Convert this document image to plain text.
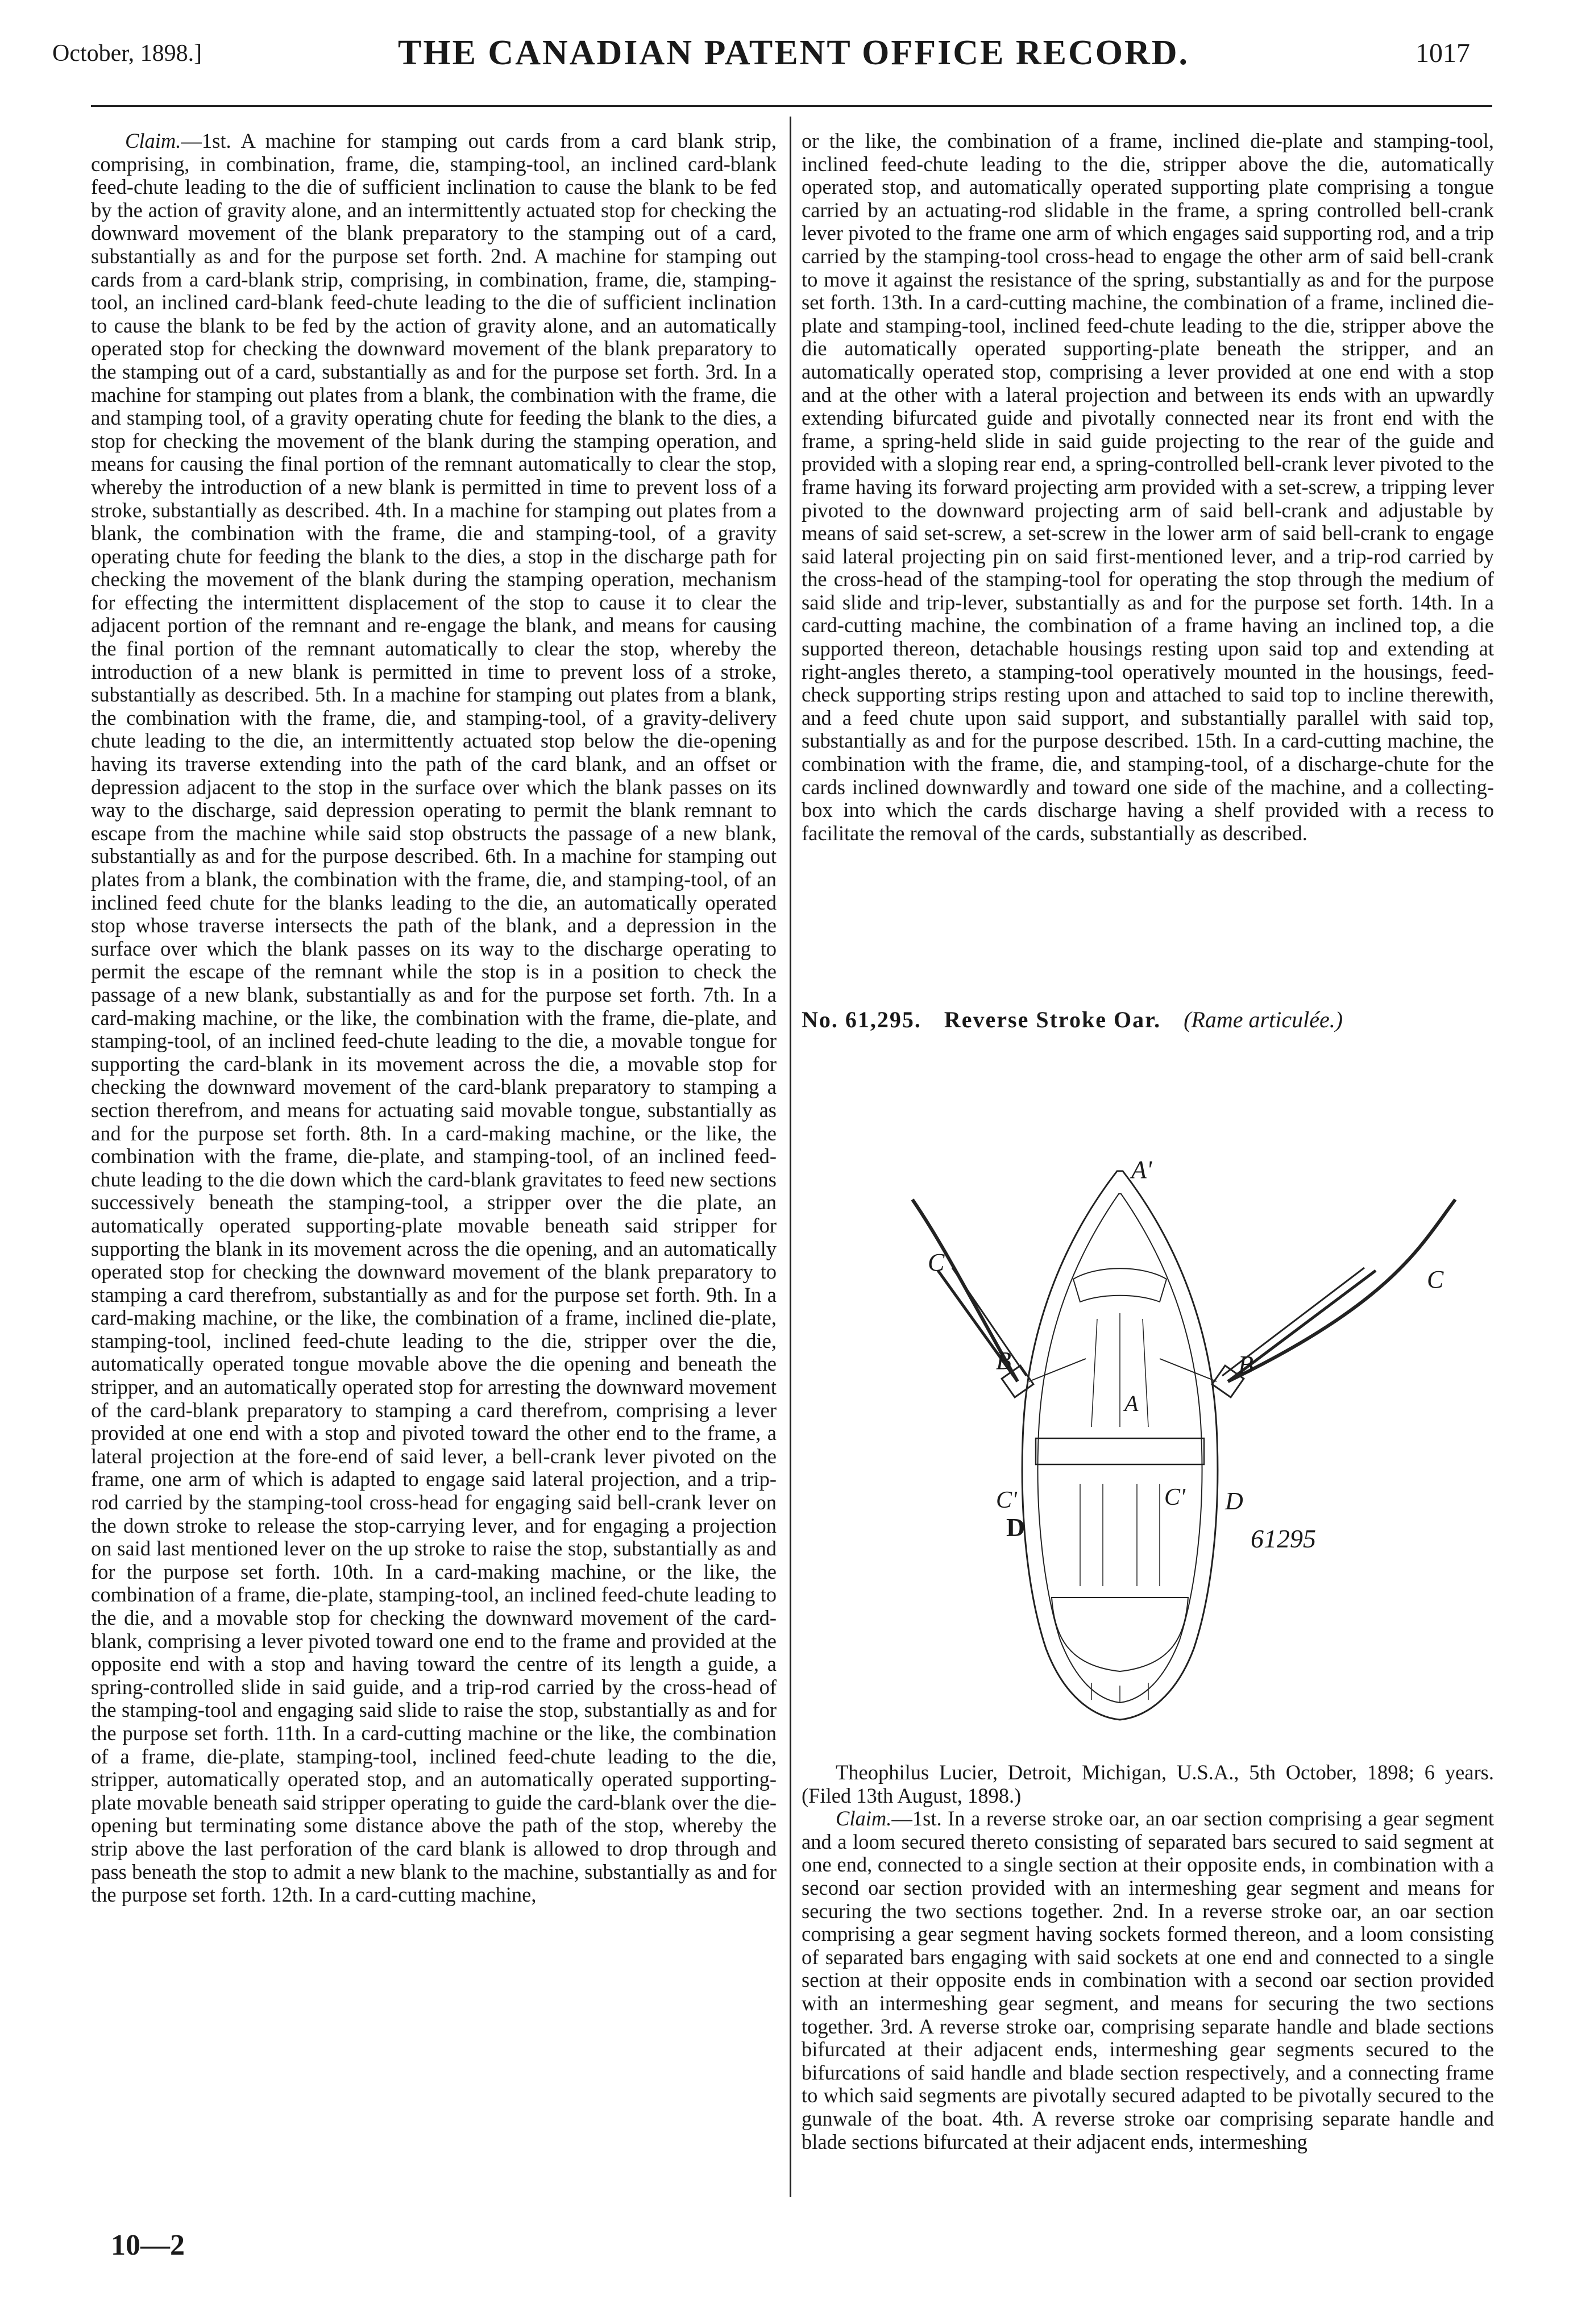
October, 1898.]	THE CANADIAN PATENT OFFICE RECORD.	1017

Claim.—1st. A machine for stamping out cards from a card blank strip, comprising, in combination, frame, die, stamping-tool, an inclined card-blank feed-chute leading to the die of sufficient inclination to cause the blank to be fed by the action of gravity alone, and an intermittently actuated stop for checking the downward movement of the blank preparatory to the stamping out of a card, substantially as and for the purpose set forth. 2nd. A machine for stamping out cards from a card-blank strip, comprising, in combination, frame, die, stamping-tool, an inclined card-blank feed-chute leading to the die of sufficient inclination to cause the blank to be fed by the action of gravity alone, and an automatically operated stop for checking the downward movement of the blank preparatory to the stamping out of a card, substantially as and for the purpose set forth. 3rd. In a machine for stamping out plates from a blank, the combination with the frame, die and stamping tool, of a gravity operating chute for feeding the blank to the dies, a stop for checking the movement of the blank during the stamping operation, and means for causing the final portion of the remnant automatically to clear the stop, whereby the introduction of a new blank is permitted in time to prevent loss of a stroke, substantially as described. 4th. In a machine for stamping out plates from a blank, the combination with the frame, die and stamping-tool, of a gravity operating chute for feeding the blank to the dies, a stop in the discharge path for checking the movement of the blank during the stamping operation, mechanism for effecting the intermittent displacement of the stop to cause it to clear the adjacent portion of the remnant and re-engage the blank, and means for causing the final portion of the remnant automatically to clear the stop, whereby the introduction of a new blank is permitted in time to prevent loss of a stroke, substantially as described. 5th. In a machine for stamping out plates from a blank, the combination with the frame, die, and stamping-tool, of a gravity-delivery chute leading to the die, an intermittently actuated stop below the die-opening having its traverse extending into the path of the card blank, and an offset or depression adjacent to the stop in the surface over which the blank passes on its way to the discharge, said depression operating to permit the blank remnant to escape from the machine while said stop obstructs the passage of a new blank, substantially as and for the purpose described. 6th. In a machine for stamping out plates from a blank, the combination with the frame, die, and stamping-tool, of an inclined feed chute for the blanks leading to the die, an automatically operated stop whose traverse intersects the path of the blank, and a depression in the surface over which the blank passes on its way to the discharge operating to permit the escape of the remnant while the stop is in a position to check the passage of a new blank, substantially as and for the purpose set forth. 7th. In a card-making machine, or the like, the combination with the frame, die-plate, and stamping-tool, of an inclined feed-chute leading to the die, a movable tongue for supporting the card-blank in its movement across the die, a movable stop for checking the downward movement of the card-blank preparatory to stamping a section therefrom, and means for actuating said movable tongue, substantially as and for the purpose set forth. 8th. In a card-making machine, or the like, the combination with the frame, die-plate, and stamping-tool, of an inclined feed-chute leading to the die down which the card-blank gravitates to feed new sections successively beneath the stamping-tool, a stripper over the die plate, an automatically operated supporting-plate movable beneath said stripper for supporting the blank in its movement across the die opening, and an automatically operated stop for checking the downward movement of the blank preparatory to stamping a card therefrom, substantially as and for the purpose set forth. 9th. In a card-making machine, or the like, the combination of a frame, inclined die-plate, stamping-tool, inclined feed-chute leading to the die, stripper over the die, automatically operated tongue movable above the die opening and beneath the stripper, and an automatically operated stop for arresting the downward movement of the card-blank preparatory to stamping a card therefrom, comprising a lever provided at one end with a stop and pivoted toward the other end to the frame, a lateral projection at the fore-end of said lever, a bell-crank lever pivoted on the frame, one arm of which is adapted to engage said lateral projection, and a trip-rod carried by the stamping-tool cross-head for engaging said bell-crank lever on the down stroke to release the stop-carrying lever, and for engaging a projection on said last mentioned lever on the up stroke to raise the stop, substantially as and for the purpose set forth. 10th. In a card-making machine, or the like, the combination of a frame, die-plate, stamping-tool, an inclined feed-chute leading to the die, and a movable stop for checking the downward movement of the card-blank, comprising a lever pivoted toward one end to the frame and provided at the opposite end with a stop and having toward the centre of its length a guide, a spring-controlled slide in said guide, and a trip-rod carried by the cross-head of the stamping-tool and engaging said slide to raise the stop, substantially as and for the purpose set forth. 11th. In a card-cutting machine or the like, the combination of a frame, die-plate, stamping-tool, inclined feed-chute leading to the die, stripper, automatically operated stop, and an automatically operated supporting-plate movable beneath said stripper operating to guide the card-blank over the die-opening but terminating some distance above the path of the stop, whereby the strip above the last perforation of the card blank is allowed to drop through and pass beneath the stop to admit a new blank to the machine, substantially as and for the purpose set forth. 12th. In a card-cutting machine,

or the like, the combination of a frame, inclined die-plate and stamping-tool, inclined feed-chute leading to the die, stripper above the die, automatically operated stop, and automatically operated supporting plate comprising a tongue carried by an actuating-rod slidable in the frame, a spring controlled bell-crank lever pivoted to the frame one arm of which engages said supporting rod, and a trip carried by the stamping-tool cross-head to engage the other arm of said bell-crank to move it against the resistance of the spring, substantially as and for the purpose set forth. 13th. In a card-cutting machine, the combination of a frame, inclined die-plate and stamping-tool, inclined feed-chute leading to the die, stripper above the die automatically operated supporting-plate beneath the stripper, and an automatically operated stop, comprising a lever provided at one end with a stop and at the other with a lateral projection and between its ends with an upwardly extending bifurcated guide and pivotally connected near its front end with the frame, a spring-held slide in said guide projecting to the rear of the guide and provided with a sloping rear end, a spring-controlled bell-crank lever pivoted to the frame having its forward projecting arm provided with a set-screw, a tripping lever pivoted to the downward projecting arm of said bell-crank and adjustable by means of said set-screw, a set-screw in the lower arm of said bell-crank to engage said lateral projecting pin on said first-mentioned lever, and a trip-rod carried by the cross-head of the stamping-tool for operating the stop through the medium of said slide and trip-lever, substantially as and for the purpose set forth. 14th. In a card-cutting machine, the combination of a frame having an inclined top, a die supported thereon, detachable housings resting upon said top and extending at right-angles thereto, a stamping-tool operatively mounted in the housings, feed-check supporting strips resting upon and attached to said top to incline therewith, and a feed chute upon said support, and substantially parallel with said top, substantially as and for the purpose described. 15th. In a card-cutting machine, the combination with the frame, die, and stamping-tool, of a discharge-chute for the cards inclined downwardly and toward one side of the machine, and a collecting-box into which the cards discharge having a shelf provided with a recess to facilitate the removal of the cards, substantially as described.

No. 61,295. Reverse Stroke Oar. (Rame articulée.)
A'
C
C
B	B
A
C'	C'
D
D
61295

Theophilus Lucier, Detroit, Michigan, U.S.A., 5th October, 1898; 6 years. (Filed 13th August, 1898.)

Claim.—1st. In a reverse stroke oar, an oar section comprising a gear segment and a loom secured thereto consisting of separated bars secured to said segment at one end, connected to a single section at their opposite ends, in combination with a second oar section provided with an intermeshing gear segment and means for securing the two sections together. 2nd. In a reverse stroke oar, an oar section comprising a gear segment having sockets formed thereon, and a loom consisting of separated bars engaging with said sockets at one end and connected to a single section at their opposite ends in combination with a second oar section provided with an intermeshing gear segment, and means for securing the two sections together. 3rd. A reverse stroke oar, comprising separate handle and blade sections bifurcated at their adjacent ends, intermeshing gear segments secured to the bifurcations of said handle and blade section respectively, and a connecting frame to which said segments are pivotally secured adapted to be pivotally secured to the gunwale of the boat. 4th. A reverse stroke oar comprising separate handle and blade sections bifurcated at their adjacent ends, intermeshing

10—2
